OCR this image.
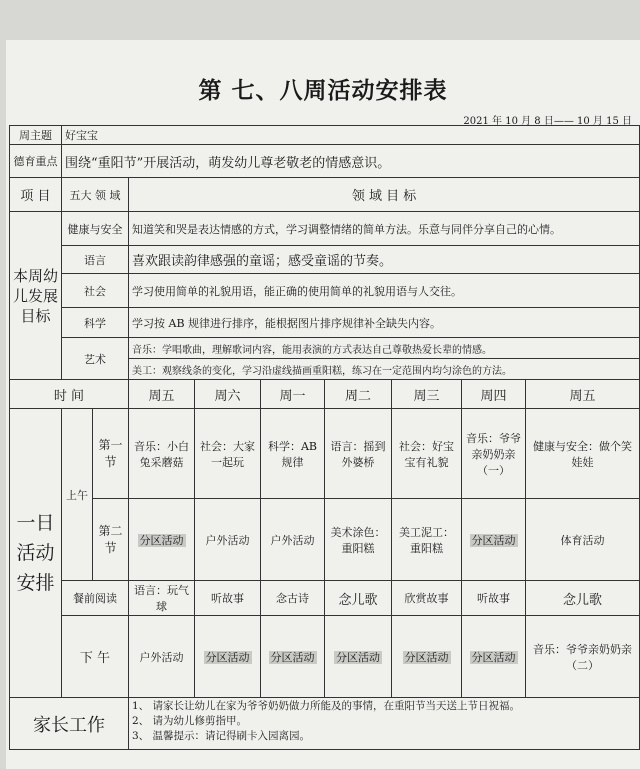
第 七、八周活动安排表
2021 年 10 月 8 日—— 10 月 15 日
周主题	好宝宝								
德育重点	围绕“重阳节”开展活动，萌发幼儿尊老敬老的情感意识。								
项 目	五大 领 域		领 域 目 标						
本周幼儿发展目标	健康与安全		知道笑和哭是表达情感的方式，学习调整情绪的简单方法。乐意与同伴分享自己的心情。						
	语言		喜欢跟读韵律感强的童谣；感受童谣的节奏。						
	社会		学习使用简单的礼貌用语，能正确的使用简单的礼貌用语与人交往。						
	科学		学习按 AB 规律进行排序，能根据图片排序规律补全缺失内容。						
	艺术		音乐：学唱歌曲，理解歌词内容，能用表演的方式表达自己尊敬热爱长辈的情感。						
			美工：观察线条的变化，学习沿虚线描画重阳糕，练习在一定范围内均匀涂色的方法。						
时 间			周五	周六	周一	周二	周三	周四	周五
一日活动安排	上午	第一节	音乐：小白兔采蘑菇	社会：大家一起玩	科学：AB 规律	语言：摇到外婆桥	社会：好宝宝有礼貌	音乐：爷爷亲奶奶亲 （一）	健康与安全：做个笑娃娃
		第二节	分区活动	户外活动	户外活动	美术涂色：重阳糕	美工泥工：重阳糕	分区活动	体育活动
	餐前阅读		语言：玩气球	听故事	念古诗	念儿歌	欣赏故事	听故事	念儿歌
	下 午		户外活动	分区活动	分区活动	分区活动	分区活动	分区活动	音乐：爷爷亲奶奶亲（二）
家长工作			1、 请家长让幼儿在家为爷爷奶奶做力所能及的事情，在重阳节当天送上节日祝福。
2、 请为幼儿修剪指甲。
3、 温馨提示：请记得刷卡入园离园。						
